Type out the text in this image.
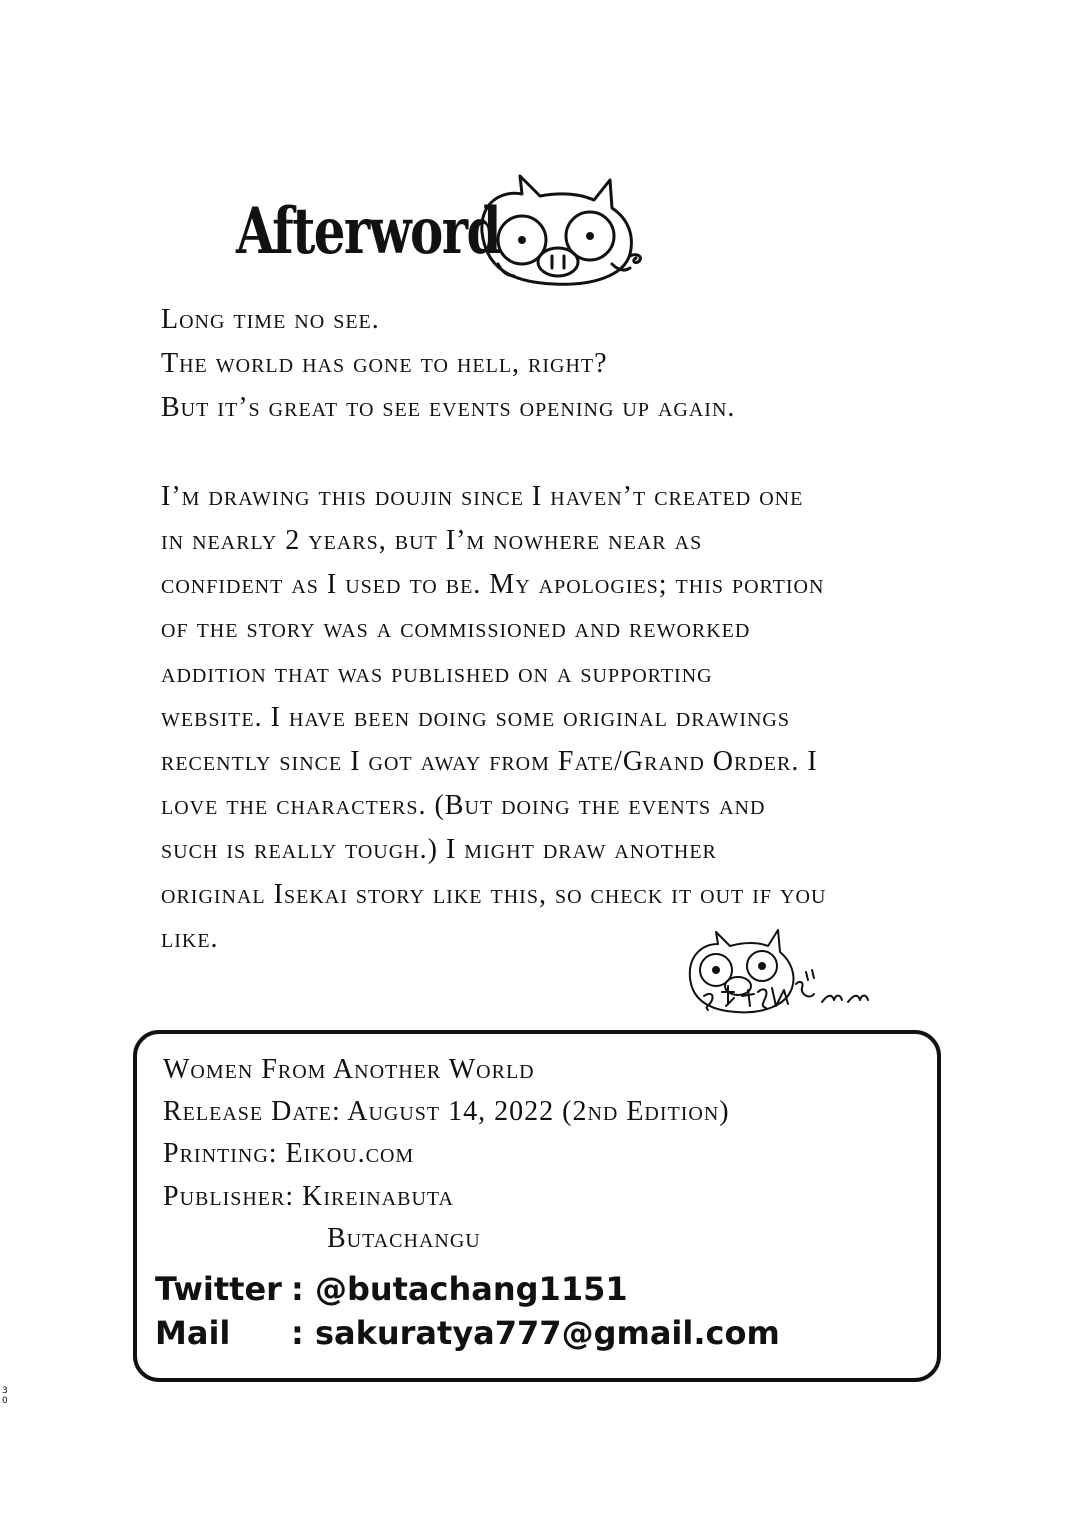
Afterword

Long time no see.

The world has gone to hell, right?

But it’s great to see events opening up again.

I’m drawing this doujin since I haven’t created one

in nearly 2 years, but I’m nowhere near as

confident as I used to be. My apologies; this portion

of the story was a commissioned and reworked

addition that was published on a supporting

website. I have been doing some original drawings

recently since I got away from Fate/Grand Order. I

love the characters. (But doing the events and

such is really tough.) I might draw another

original Isekai story like this, so check it out if you

like.

Women From Another World
Release Date: August 14, 2022 (2nd Edition)
Printing: Eikou.com
Publisher: Kireinabuta
Butachangu
Twitter : @butachang1151
Mail : sakuratya777@gmail.com
30
